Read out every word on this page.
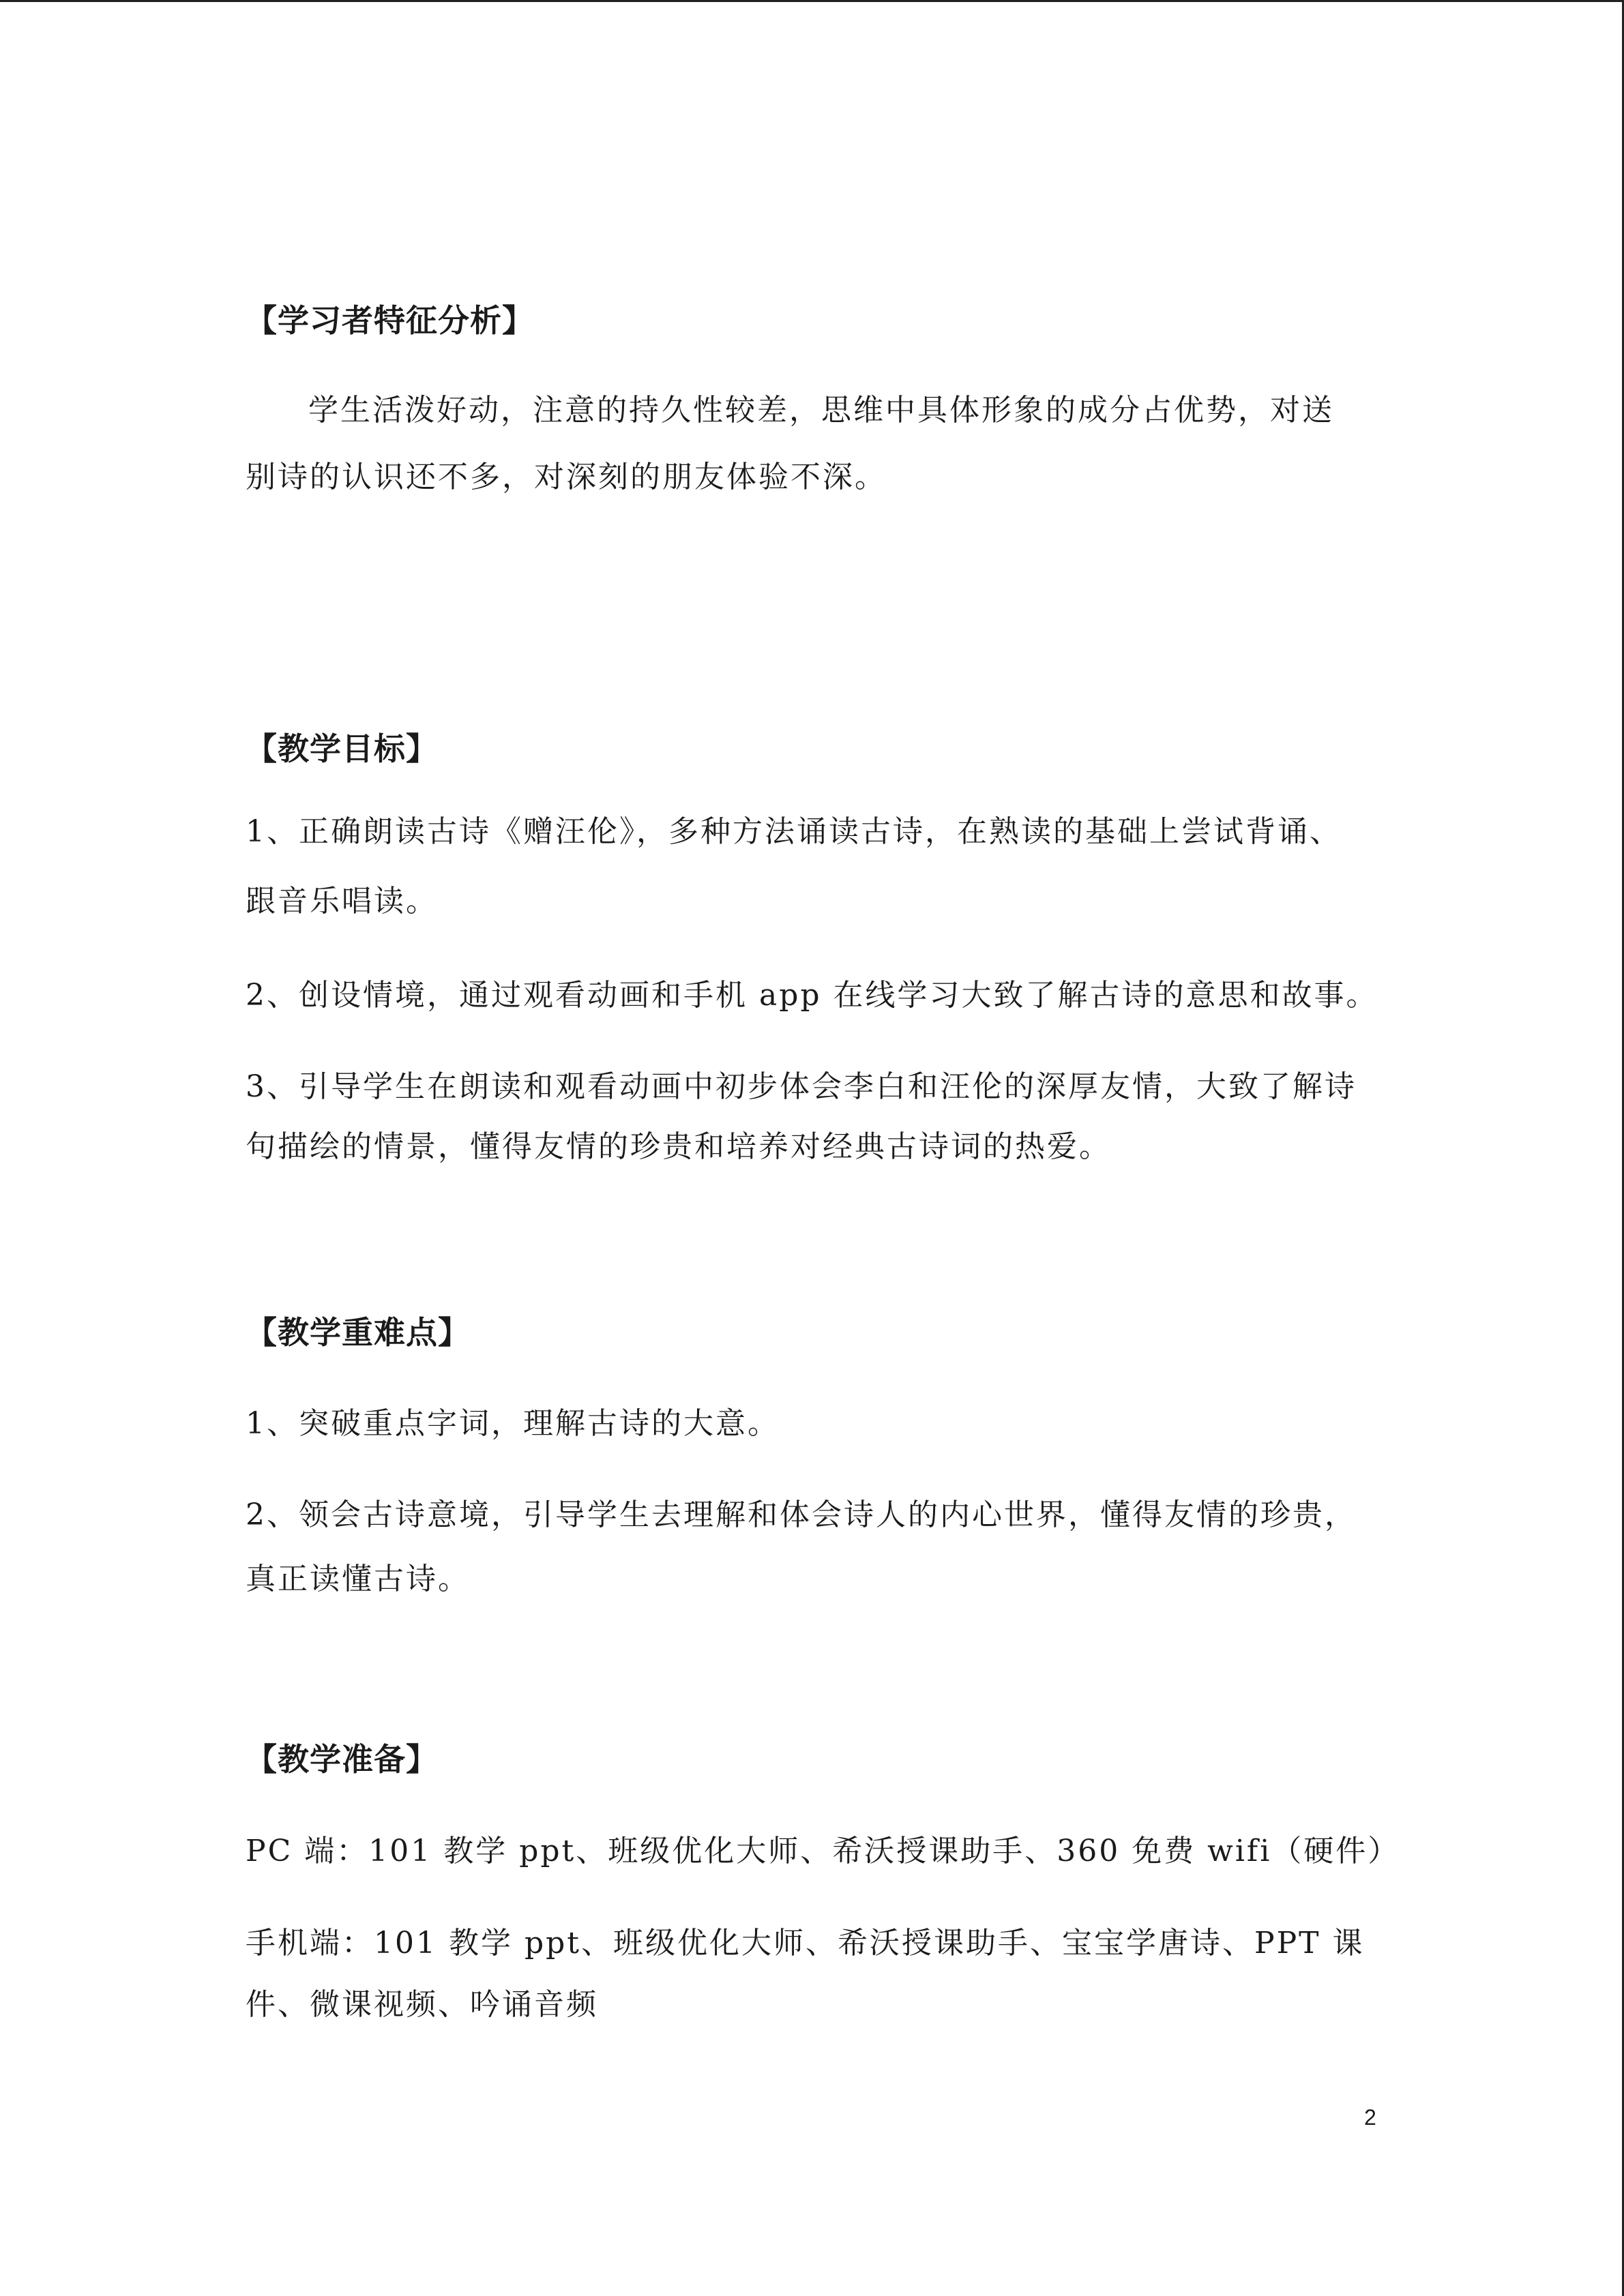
【学习者特征分析】
学生活泼好动，注意的持久性较差，思维中具体形象的成分占优势，对送
别诗的认识还不多，对深刻的朋友体验不深。
【教学目标】
1、正确朗读古诗《赠汪伦》，多种方法诵读古诗，在熟读的基础上尝试背诵、
跟音乐唱读。
2、创设情境，通过观看动画和手机 app 在线学习大致了解古诗的意思和故事。
3、引导学生在朗读和观看动画中初步体会李白和汪伦的深厚友情，大致了解诗
句描绘的情景，懂得友情的珍贵和培养对经典古诗词的热爱。
【教学重难点】
1、突破重点字词，理解古诗的大意。
2、领会古诗意境，引导学生去理解和体会诗人的内心世界，懂得友情的珍贵，
真正读懂古诗。
【教学准备】
PC 端：101 教学 ppt、班级优化大师、希沃授课助手、360 免费 wifi（硬件）
手机端：101 教学 ppt、班级优化大师、希沃授课助手、宝宝学唐诗、PPT 课
件、微课视频、吟诵音频
2
